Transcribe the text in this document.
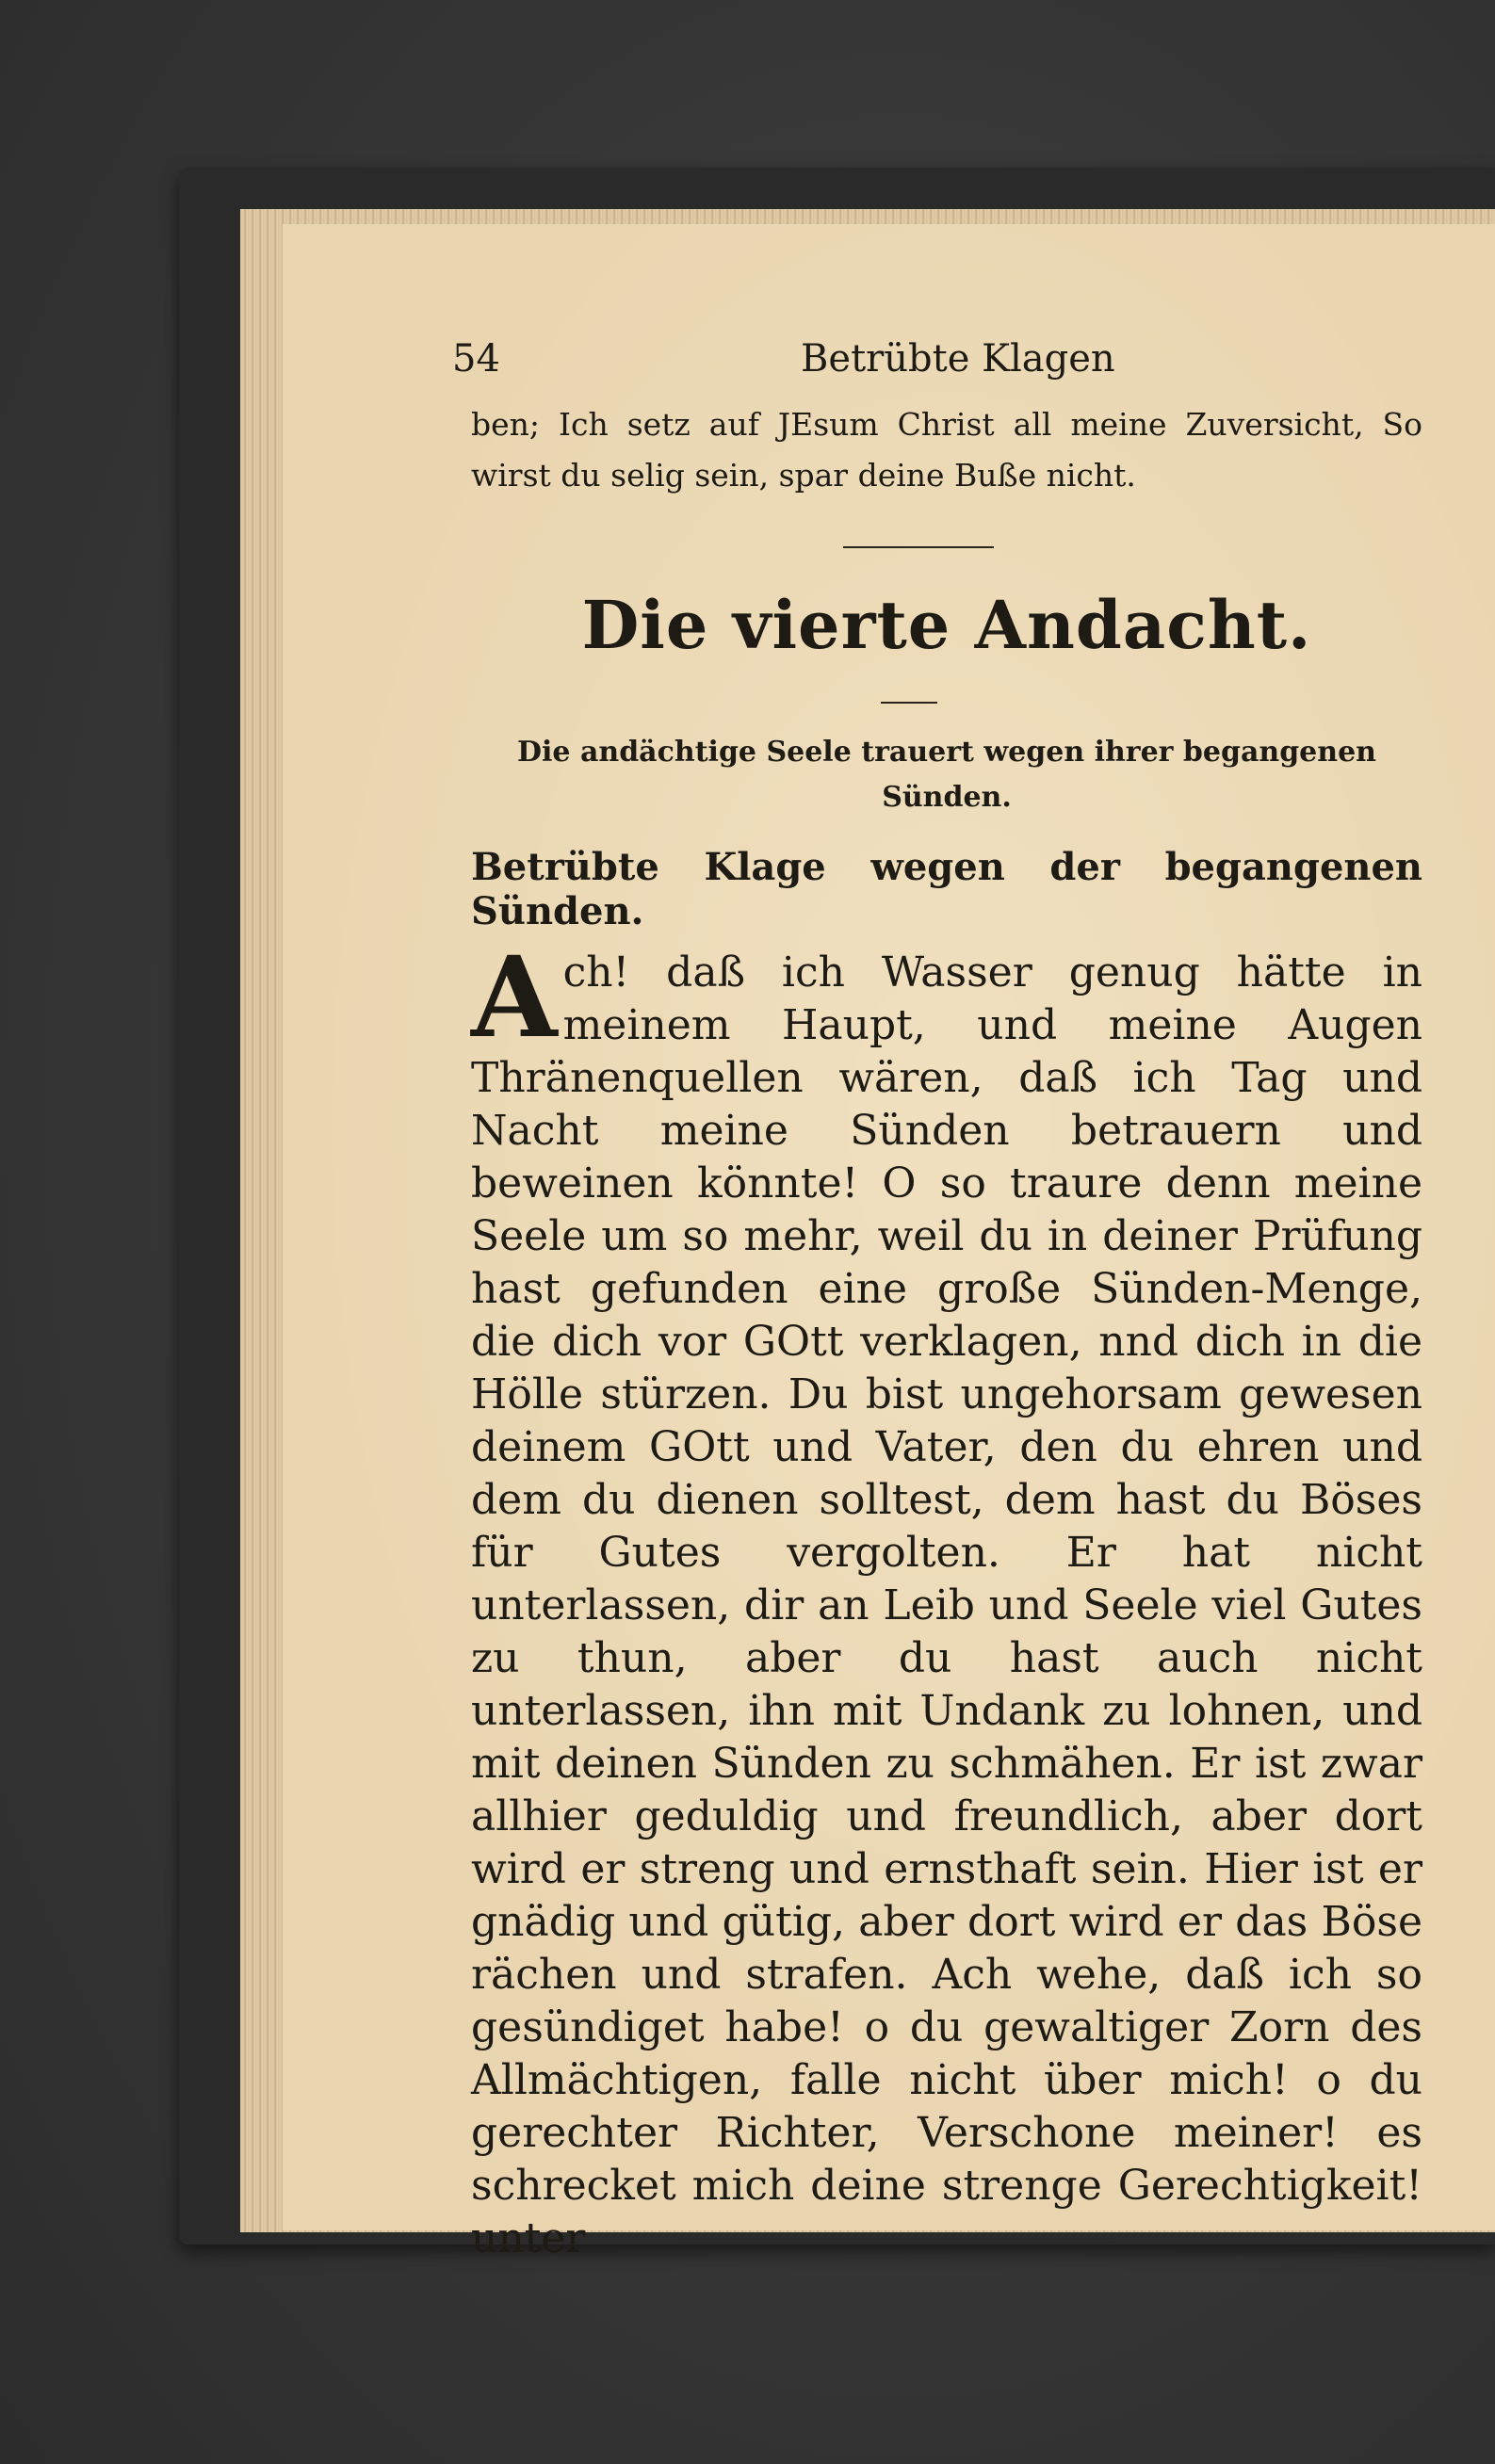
54	Betrübte Klagen
ben; Ich setz auf JEsum Christ all meine Zuversicht, So wirst du selig sein, spar deine Buße nicht.
Die vierte Andacht.
Die andächtige Seele trauert wegen ihrer begangenen Sünden.
Betrübte Klage wegen der begangenen Sünden.
A ch! daß ich Wasser genug hätte in meinem Haupt, und meine Augen Thränenquellen wären, daß ich Tag und Nacht meine Sünden betrauern und beweinen könnte! O so traure denn meine Seele um so mehr, weil du in deiner Prüfung hast gefunden eine große Sünden-Menge, die dich vor GOtt verklagen, nnd dich in die Hölle stürzen. Du bist ungehorsam gewesen deinem GOtt und Vater, den du ehren und dem du dienen solltest, dem hast du Böses für Gutes vergolten. Er hat nicht unterlassen, dir an Leib und Seele viel Gutes zu thun, aber du hast auch nicht unterlassen, ihn mit Undank zu lohnen, und mit deinen Sünden zu schmähen. Er ist zwar allhier geduldig und freundlich, aber dort wird er streng und ernsthaft sein. Hier ist er gnädig und gütig, aber dort wird er das Böse rächen und strafen. Ach wehe, daß ich so gesündiget habe! o du gewaltiger Zorn des Allmächtigen, falle nicht über mich! o du gerechter Richter, Verschone meiner! es schrecket mich deine strenge Gerechtigkeit! unter
